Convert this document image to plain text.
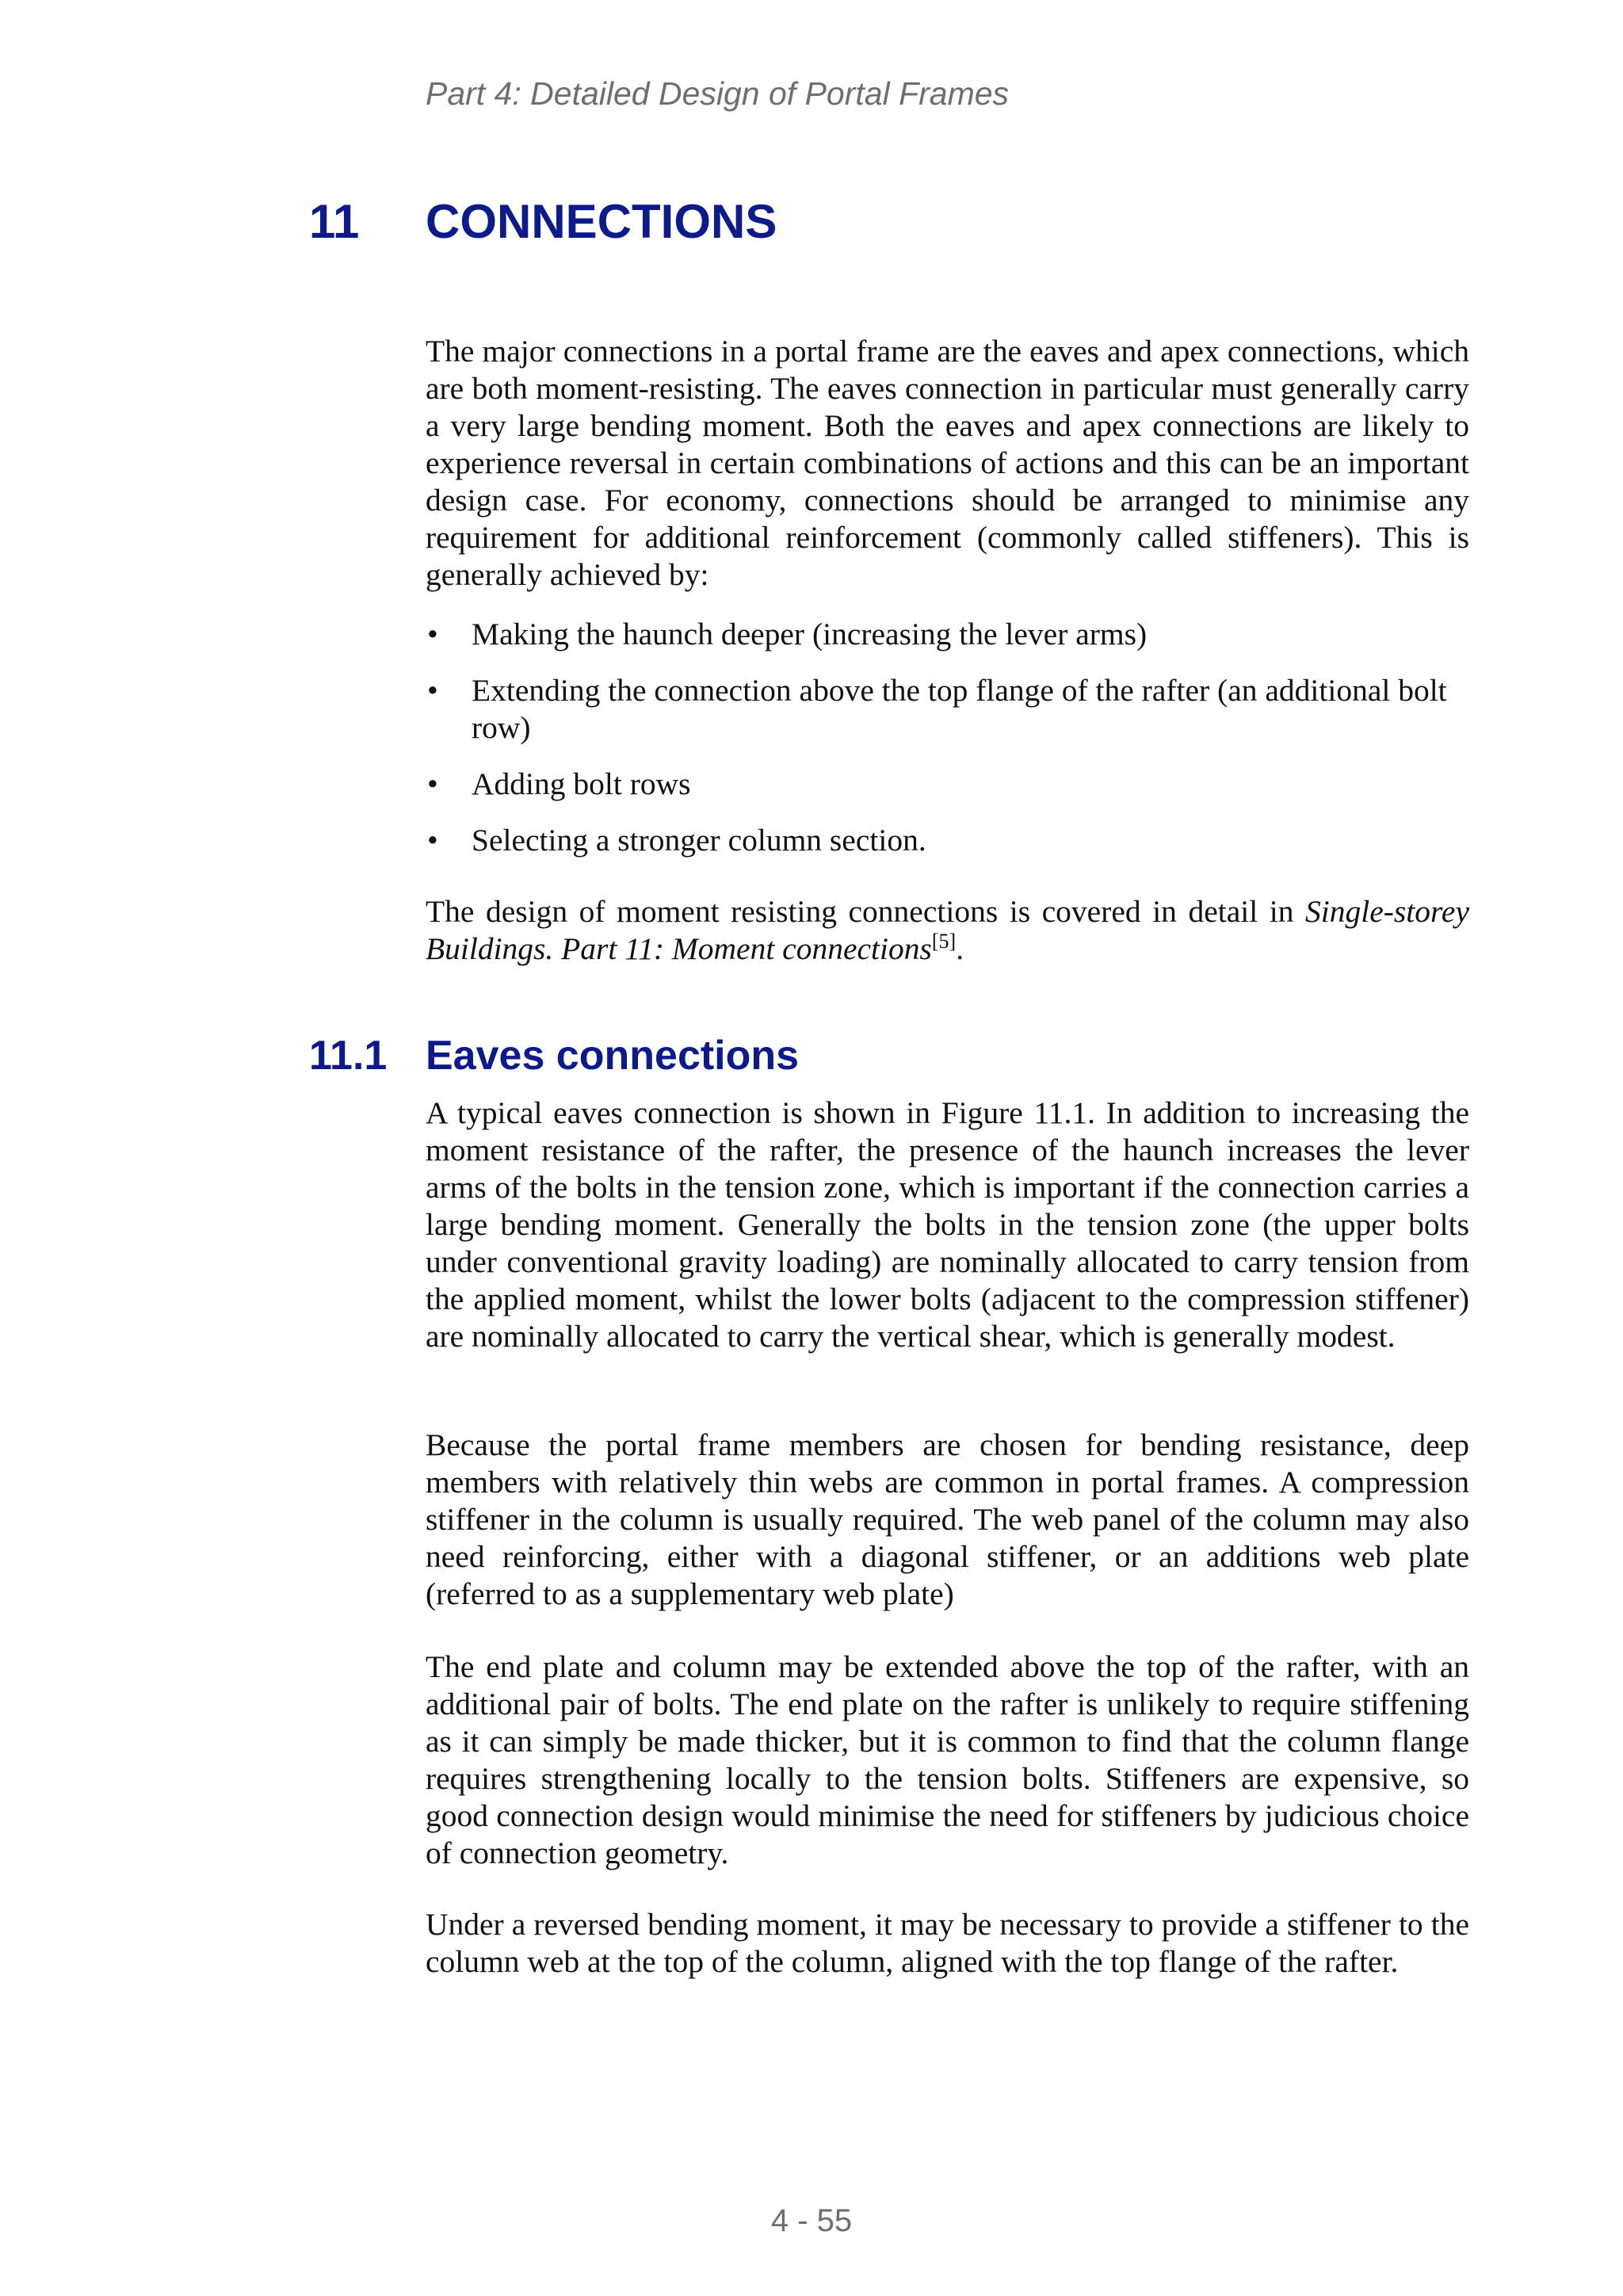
Part 4: Detailed Design of Portal Frames
11 CONNECTIONS

The major connections in a portal frame are the eaves and apex connections, which are both moment-resisting. The eaves connection in particular must generally carry a very large bending moment. Both the eaves and apex connections are likely to experience reversal in certain combinations of actions and this can be an important design case. For economy, connections should be arranged to minimise any requirement for additional reinforcement (commonly called stiffeners). This is generally achieved by:

• Making the haunch deeper (increasing the lever arms)
• Extending the connection above the top flange of the rafter (an additional bolt row)
• Adding bolt rows
• Selecting a stronger column section.

The design of moment resisting connections is covered in detail in Single-storey Buildings. Part 11: Moment connections[5].

11.1 Eaves connections

A typical eaves connection is shown in Figure 11.1. In addition to increasing the moment resistance of the rafter, the presence of the haunch increases the lever arms of the bolts in the tension zone, which is important if the connection carries a large bending moment. Generally the bolts in the tension zone (the upper bolts under conventional gravity loading) are nominally allocated to carry tension from the applied moment, whilst the lower bolts (adjacent to the compression stiffener) are nominally allocated to carry the vertical shear, which is generally modest.

Because the portal frame members are chosen for bending resistance, deep members with relatively thin webs are common in portal frames. A compression stiffener in the column is usually required. The web panel of the column may also need reinforcing, either with a diagonal stiffener, or an additions web plate (referred to as a supplementary web plate)

The end plate and column may be extended above the top of the rafter, with an additional pair of bolts. The end plate on the rafter is unlikely to require stiffening as it can simply be made thicker, but it is common to find that the column flange requires strengthening locally to the tension bolts. Stiffeners are expensive, so good connection design would minimise the need for stiffeners by judicious choice of connection geometry.

Under a reversed bending moment, it may be necessary to provide a stiffener to the column web at the top of the column, aligned with the top flange of the rafter.

4 - 55
